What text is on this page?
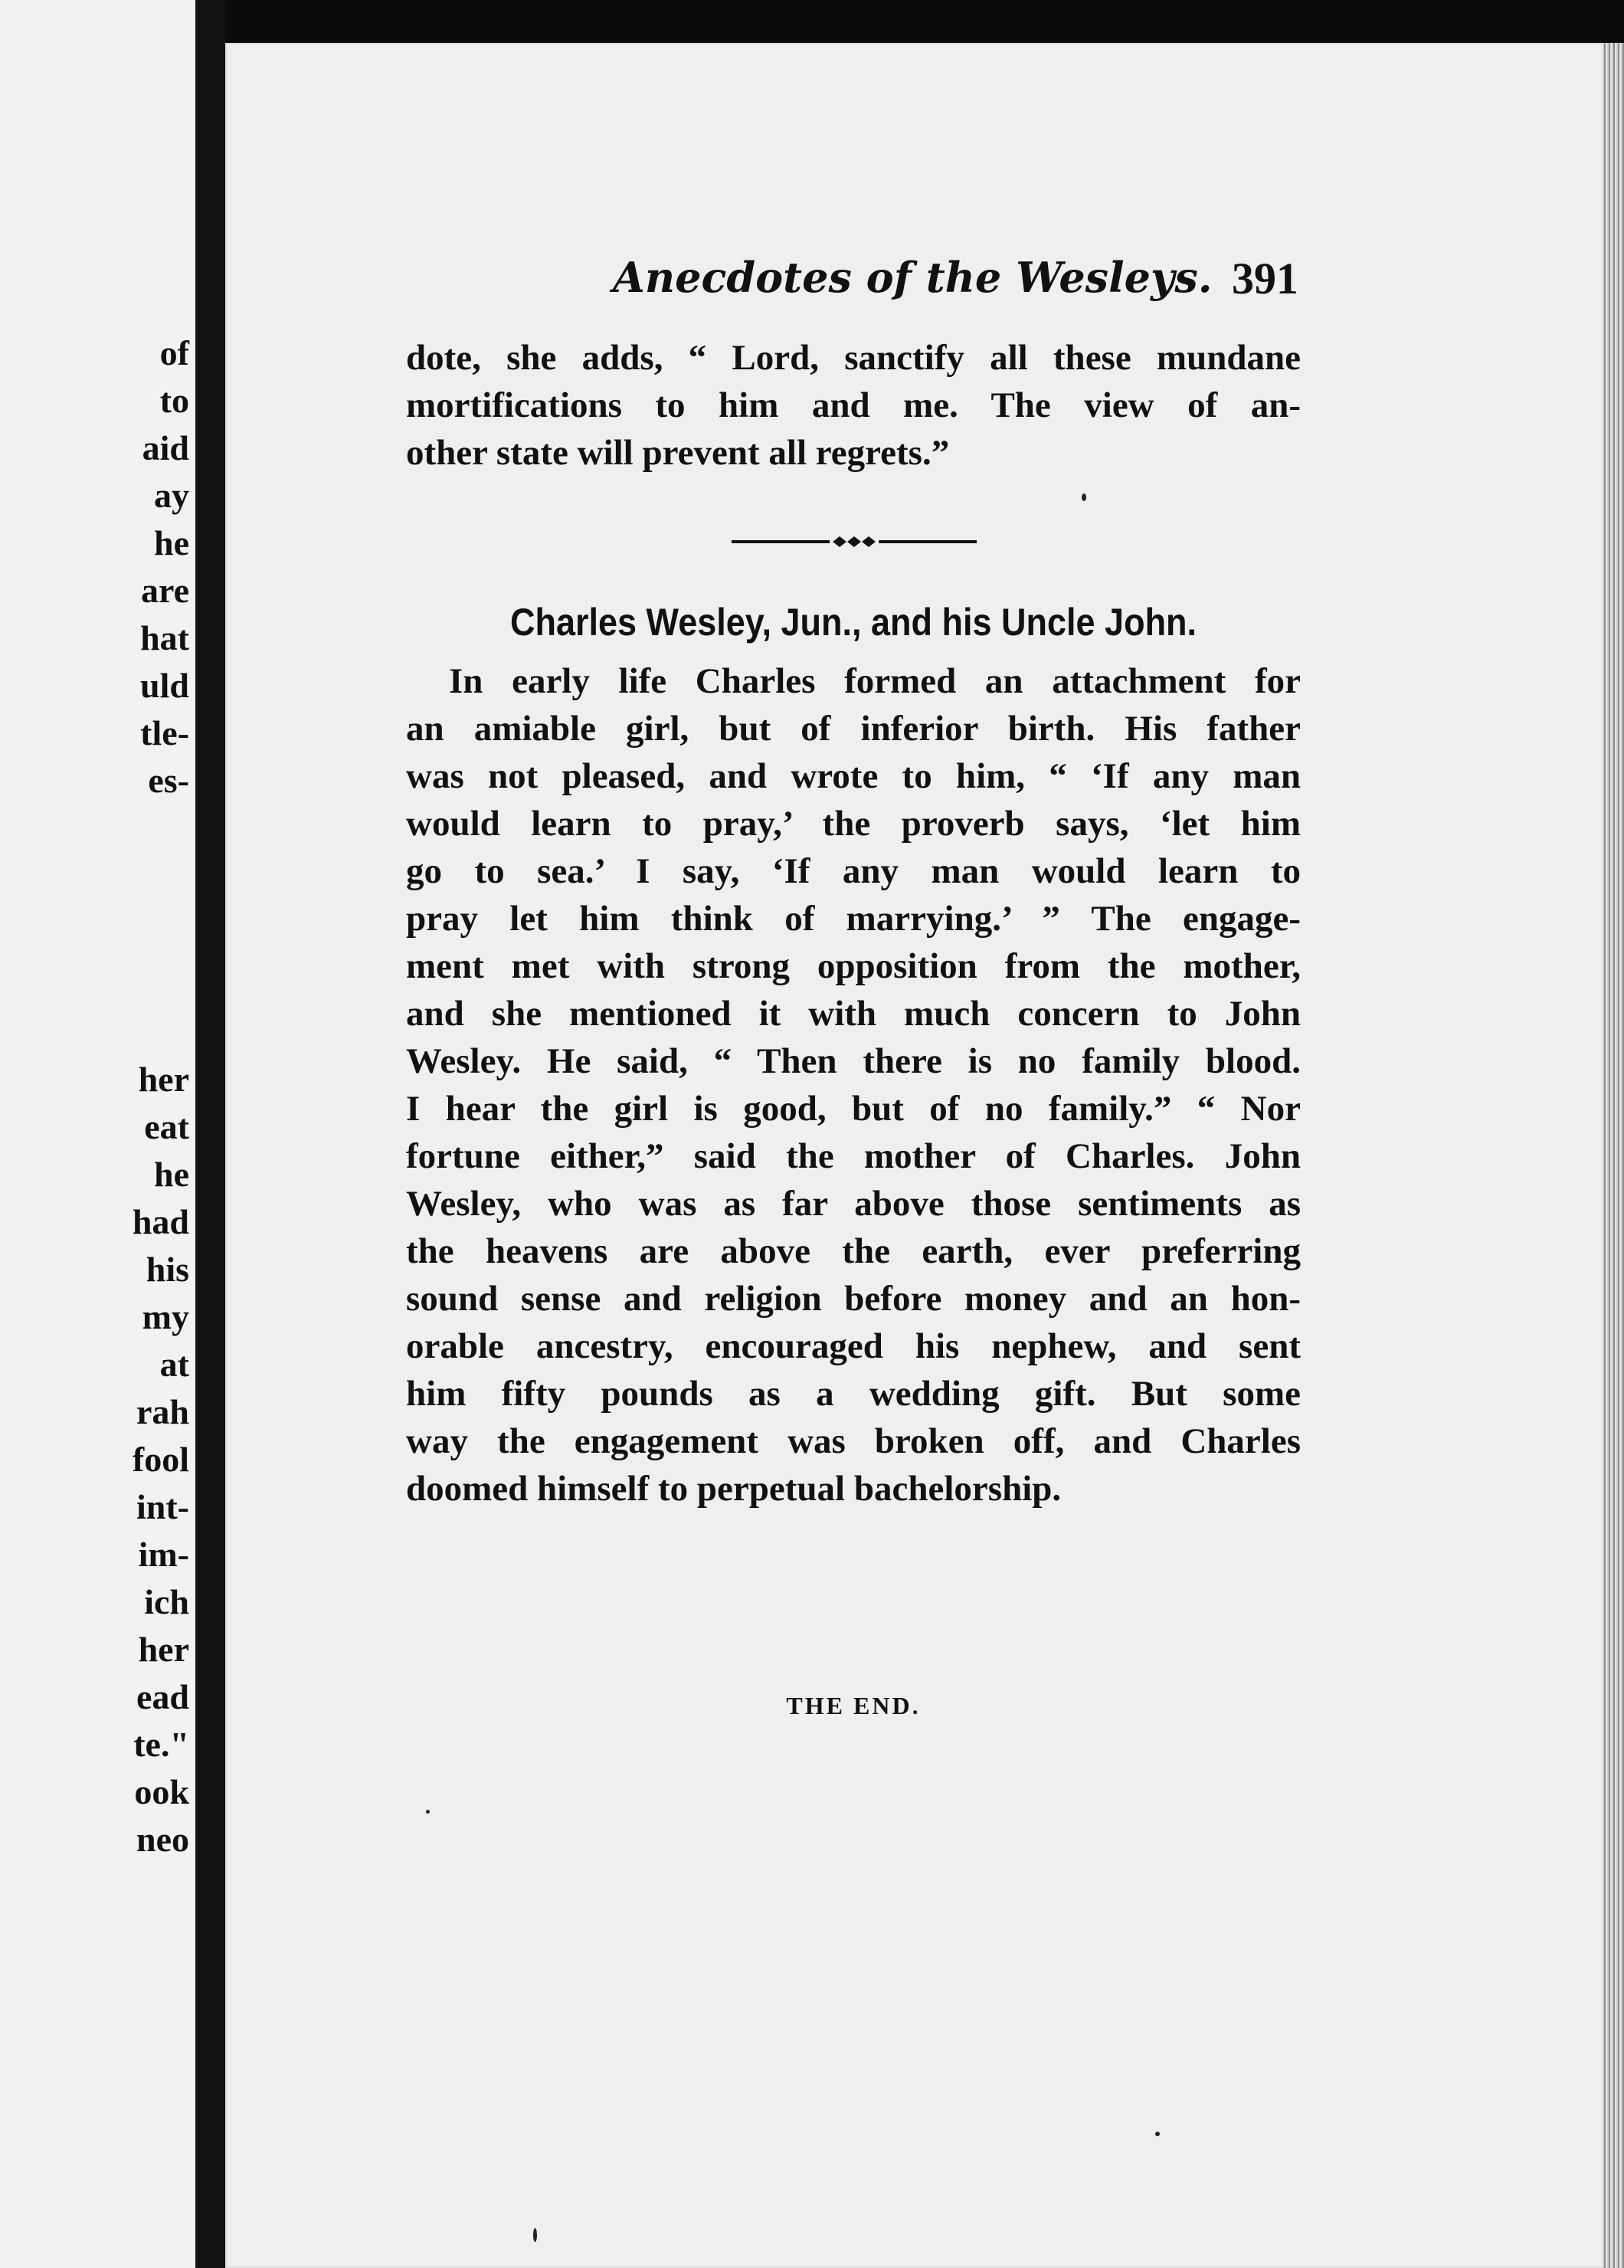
of
to
aid
ay
he
are
hat
uld
tle-
es-
her
eat
he
had
his
my
at
rah
fool
int-
im-
ich
her
ead
te."
ook
neo
Anecdotes of the Wesleys. 391
dote, she adds, “ Lord, sanctify all these mundane
mortifications to him and me. The view of an-
other state will prevent all regrets.”
Charles Wesley, Jun., and his Uncle John.
In early life Charles formed an attachment for
an amiable girl, but of inferior birth. His father
was not pleased, and wrote to him, “ ‘If any man
would learn to pray,’ the proverb says, ‘let him
go to sea.’ I say, ‘If any man would learn to
pray let him think of marrying.’ ” The engage-
ment met with strong opposition from the mother,
and she mentioned it with much concern to John
Wesley. He said, “ Then there is no family blood.
I hear the girl is good, but of no family.” “ Nor
fortune either,” said the mother of Charles. John
Wesley, who was as far above those sentiments as
the heavens are above the earth, ever preferring
sound sense and religion before money and an hon-
orable ancestry, encouraged his nephew, and sent
him fifty pounds as a wedding gift. But some
way the engagement was broken off, and Charles
doomed himself to perpetual bachelorship.
THE END.
